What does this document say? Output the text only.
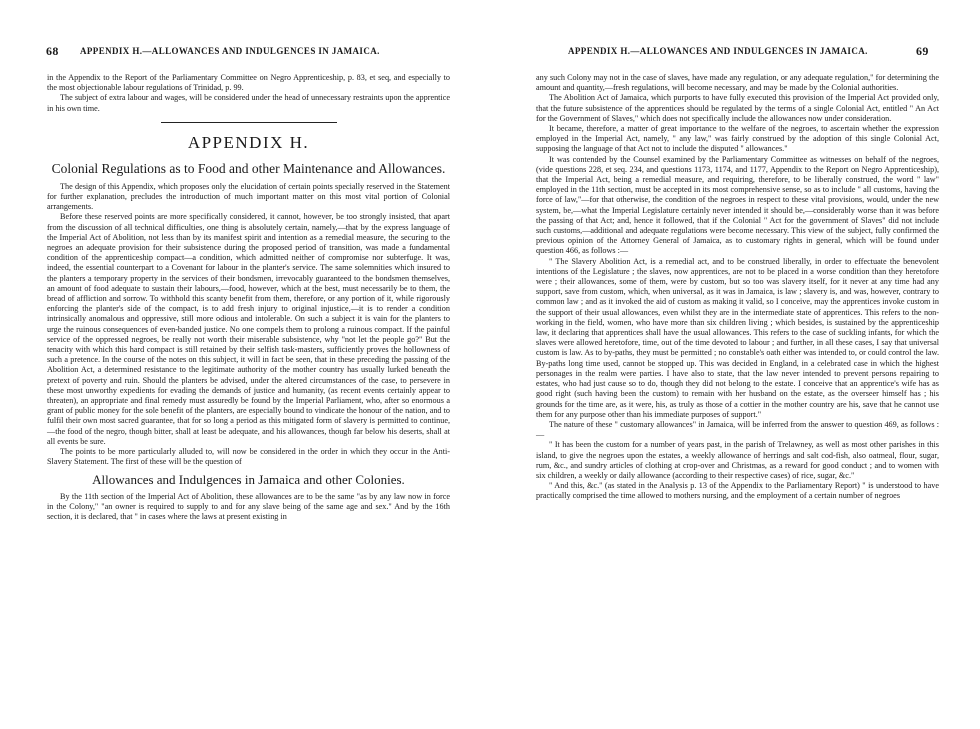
68 APPENDIX H.—ALLOWANCES AND INDULGENCES IN JAMAICA.

in the Appendix to the Report of the Parliamentary Committee on Negro Apprenticeship, p. 83, et seq, and especially to the most objectionable labour regulations of Trinidad, p. 99.

The subject of extra labour and wages, will be considered under the head of unnecessary restraints upon the apprentice in his own time.

APPENDIX H.
Colonial Regulations as to Food and other Maintenance and Allowances.

The design of this Appendix, which proposes only the elucidation of certain points specially reserved in the Statement for further explanation, precludes the introduction of much important matter on this most vital portion of Colonial arrangements.

Before these reserved points are more specifically considered, it cannot, however, be too strongly insisted, that apart from the discussion of all technical difficulties, one thing is absolutely certain, namely,—that by the express language of the Imperial Act of Abolition, not less than by its manifest spirit and intention as a remedial measure, the securing to the negroes an adequate provision for their subsistence during the proposed period of transition, was made a fundamental condition of the apprenticeship compact—a condition, which admitted neither of compromise nor subterfuge. It was, indeed, the essential counterpart to a Covenant for labour in the planter's service. The same solemnities which insured to the planters a temporary property in the services of their bondsmen, irrevocably guaranteed to the bondsmen themselves, an amount of food adequate to sustain their labours,—food, however, which at the best, must necessarily be to them, the bread of affliction and sorrow. To withhold this scanty benefit from them, therefore, or any portion of it, while rigorously enforcing the planter's side of the compact, is to add fresh injury to original injustice,—it is to render a condition intrinsically anomalous and oppressive, still more odious and intolerable. On such a subject it is vain for the planters to urge the ruinous consequences of even-banded justice. No one compels them to prolong a ruinous compact. If the painful service of the oppressed negroes, be really not worth their miserable subsistence, why "not let the people go?" But the tenacity with which this hard compact is still retained by their selfish task-masters, sufficiently proves the hollowness of such a pretence. In the course of the notes on this subject, it will in fact be seen, that in these preceding the passing of the Abolition Act, a determined resistance to the legitimate authority of the mother country has usually lurked beneath the pretext of poverty and ruin. Should the planters be advised, under the altered circumstances of the case, to persevere in these most unworthy expedients for evading the demands of justice and humanity, (as recent events certainly appear to threaten), an appropriate and final remedy must assuredly be found by the Imperial Parliament, who, after so enormous a grant of public money for the sole benefit of the planters, are especially bound to vindicate the honour of the nation, and to fulfil their own most sacred guarantee, that for so long a period as this mitigated form of slavery is permitted to continue,—the food of the negro, though bitter, shall at least be adequate, and his allowances, though far below his deserts, shall at all events be sure.

The points to be more particularly alluded to, will now be considered in the order in which they occur in the Anti-Slavery Statement. The first of these will be the question of

Allowances and Indulgences in Jamaica and other Colonies.

By the 11th section of the Imperial Act of Abolition, these allowances are to be the same "as by any law now in force in the Colony," "an owner is required to supply to and for any slave being of the same age and sex." And by the 16th section, it is declared, that " in cases where the laws at present existing in

APPENDIX H.—ALLOWANCES AND INDULGENCES IN JAMAICA.	69

any such Colony may not in the case of slaves, have made any regulation, or any adequate regulation," for determining the amount and quantity,—fresh regulations, will become necessary, and may be made by the Colonial authorities.

The Abolition Act of Jamaica, which purports to have fully executed this provision of the Imperial Act provided only, that the future subsistence of the apprentices should be regulated by the terms of a single Colonial Act, entitled " An Act for the Government of Slaves," which does not specifically include the allowances now under consideration.

It became, therefore, a matter of great importance to the welfare of the negroes, to ascertain whether the expression employed in the Imperial Act, namely, " any law," was fairly construed by the adoption of this single Colonial Act, supposing the language of that Act not to include the disputed " allowances."

It was contended by the Counsel examined by the Parliamentary Committee as witnesses on behalf of the negroes, (vide questions 228, et seq. 234, and questions 1173, 1174, and 1177, Appendix to the Report on Negro Apprenticeship), that the Imperial Act, being a remedial measure, and requiring, therefore, to be liberally construed, the word " law" employed in the 11th section, must be accepted in its most comprehensive sense, so as to include " all customs, having the force of law,"—for that otherwise, the condition of the negroes in respect to these vital provisions, would, under the new system, be,—what the Imperial Legislature certainly never intended it should be,—considerably worse than it was before the passing of that Act; and, hence it followed, that if the Colonial " Act for the government of Slaves" did not include such customs,—additional and adequate regulations were become necessary. This view of the subject, fully confirmed the previous opinion of the Attorney General of Jamaica, as to customary rights in general, which will be found under question 466, as follows :—

" The Slavery Abolition Act, is a remedial act, and to be construed liberally, in order to effectuate the benevolent intentions of the Legislature ; the slaves, now apprentices, are not to be placed in a worse condition than they heretofore were ; their allowances, some of them, were by custom, but so too was slavery itself, for it never at any time had any support, save from custom, which, when universal, as it was in Jamaica, is law ; slavery is, and was, however, contrary to common law ; and as it invoked the aid of custom as making it valid, so I conceive, may the apprentices invoke custom in the support of their usual allowances, even whilst they are in the intermediate state of apprentices. This refers to the non-working in the field, women, who have more than six children living ; which besides, is sustained by the apprenticeship law, it declaring that apprentices shall have the usual allowances. This refers to the case of suckling infants, for which the slaves were allowed heretofore, time, out of the time devoted to labour ; and further, in all these cases, I say that universal custom is law. As to by-paths, they must be permitted ; no constable's oath either was intended to, or could control the law. By-paths long time used, cannot be stopped up. This was decided in England, in a celebrated case in which the highest personages in the realm were parties. I have also to state, that the law never intended to prevent persons repairing to estates, who had just cause so to do, though they did not belong to the estate. I conceive that an apprentice's wife has as good right (such having been the custom) to remain with her husband on the estate, as the overseer himself has ; his grounds for the time are, as it were, his, as truly as those of a cottier in the mother country are his, save that he cannot use them for any purpose other than his immediate purposes of support."

The nature of these " customary allowances" in Jamaica, will be inferred from the answer to question 469, as follows :—

" It has been the custom for a number of years past, in the parish of Trelawney, as well as most other parishes in this island, to give the negroes upon the estates, a weekly allowance of herrings and salt cod-fish, also oatmeal, flour, sugar, rum, &c., and sundry articles of clothing at crop-over and Christmas, as a reward for good conduct ; and to women with six children, a weekly or daily allowance (according to their respective cases) of rice, sugar, &c."

" And this, &c." (as stated in the Analysis p. 13 of the Appendix to the Parliamentary Report) " is understood to have practically comprised the time allowed to mothers nursing, and the employment of a certain number of negroes
